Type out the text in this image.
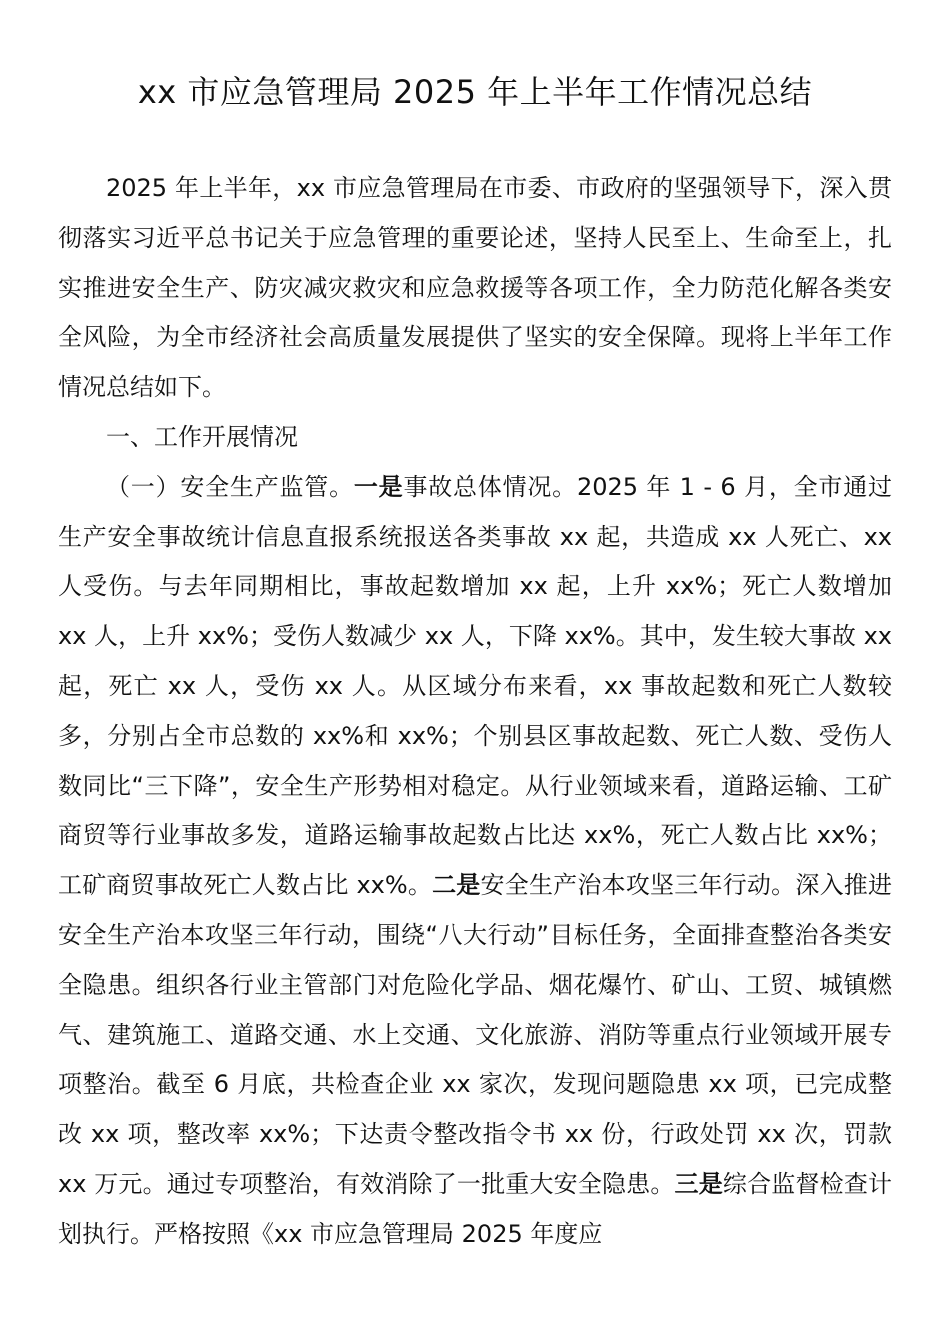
xx 市应急管理局 2025 年上半年工作情况总结

2025 年上半年，xx 市应急管理局在市委、市政府的坚强领导下，深入贯彻落实习近平总书记关于应急管理的重要论述，坚持人民至上、生命至上，扎实推进安全生产、防灾减灾救灾和应急救援等各项工作，全力防范化解各类安全风险，为全市经济社会高质量发展提供了坚实的安全保障。现将上半年工作情况总结如下。

一、工作开展情况

（一）安全生产监管。一是事故总体情况。2025 年 1 - 6 月，全市通过生产安全事故统计信息直报系统报送各类事故 xx 起，共造成 xx 人死亡、xx 人受伤。与去年同期相比，事故起数增加 xx 起，上升 xx%；死亡人数增加 xx 人，上升 xx%；受伤人数减少 xx 人，下降 xx%。其中，发生较大事故 xx 起，死亡 xx 人，受伤 xx 人。从区域分布来看，xx 事故起数和死亡人数较多，分别占全市总数的 xx%和 xx%；个别县区事故起数、死亡人数、受伤人数同比“三下降”，安全生产形势相对稳定。从行业领域来看，道路运输、工矿商贸等行业事故多发，道路运输事故起数占比达 xx%，死亡人数占比 xx%；工矿商贸事故死亡人数占比 xx%。二是安全生产治本攻坚三年行动。深入推进安全生产治本攻坚三年行动，围绕“八大行动”目标任务，全面排查整治各类安全隐患。组织各行业主管部门对危险化学品、烟花爆竹、矿山、工贸、城镇燃气、建筑施工、道路交通、水上交通、文化旅游、消防等重点行业领域开展专项整治。截至 6 月底，共检查企业 xx 家次，发现问题隐患 xx 项，已完成整改 xx 项，整改率 xx%；下达责令整改指令书 xx 份，行政处罚 xx 次，罚款 xx 万元。通过专项整治，有效消除了一批重大安全隐患。三是综合监督检查计划执行。严格按照《xx 市应急管理局 2025 年度应
